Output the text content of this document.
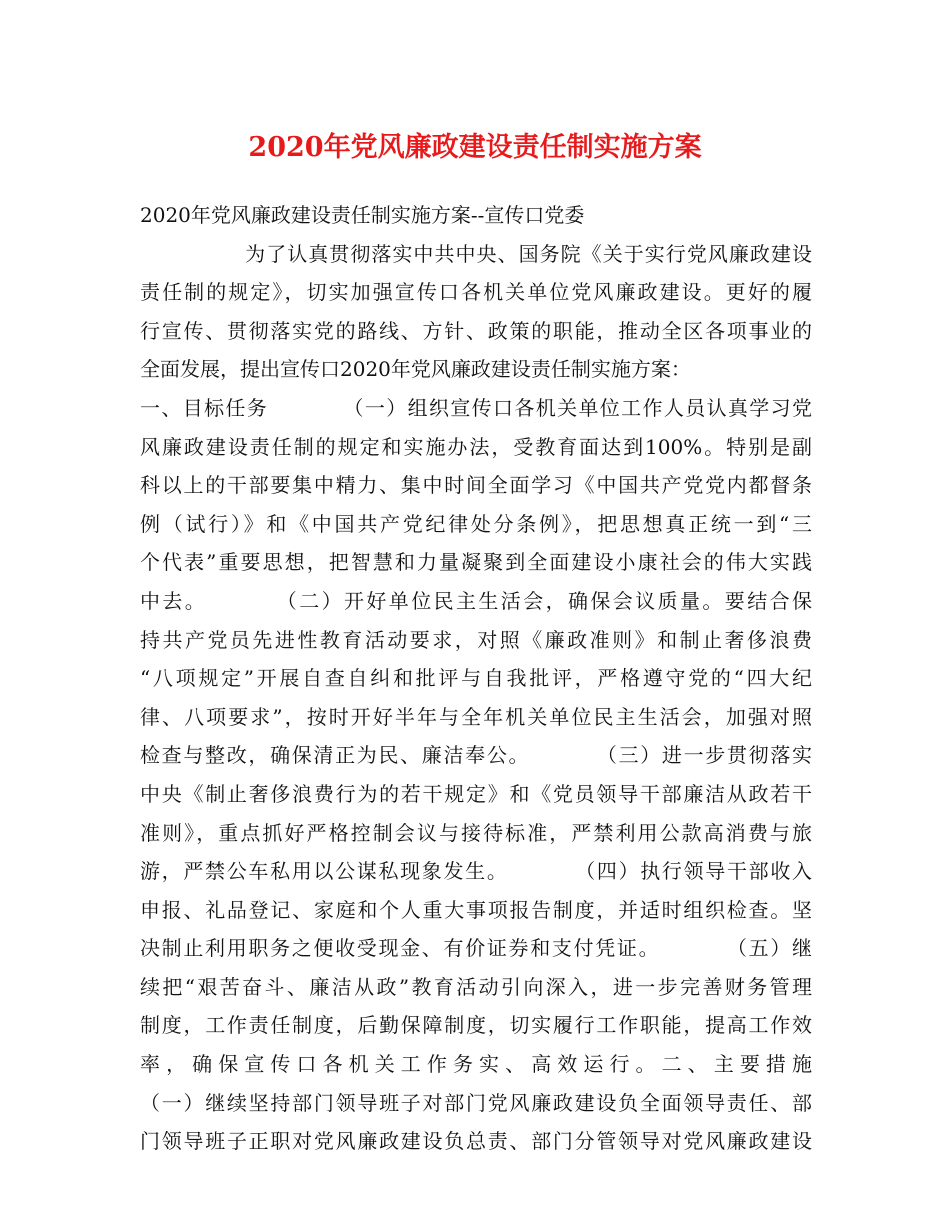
2020年党风廉政建设责任制实施方案
2020年党风廉政建设责任制实施方案--宣传口党委
　　　　　为了认真贯彻落实中共中央、国务院《关于实行党风廉政建设
责任制的规定》，切实加强宣传口各机关单位党风廉政建设。更好的履
行宣传、贯彻落实党的路线、方针、政策的职能，推动全区各项事业的
全面发展，提出宣传口2020年党风廉政建设责任制实施方案：
一、目标任务　　　　（一）组织宣传口各机关单位工作人员认真学习党
风廉政建设责任制的规定和实施办法，受教育面达到100%。特别是副
科以上的干部要集中精力、集中时间全面学习《中国共产党党内都督条
例（试行）》和《中国共产党纪律处分条例》，把思想真正统一到“三
个代表”重要思想，把智慧和力量凝聚到全面建设小康社会的伟大实践
中去。　　　　（二）开好单位民主生活会，确保会议质量。要结合保
持共产党员先进性教育活动要求，对照《廉政准则》和制止奢侈浪费
“八项规定”开展自查自纠和批评与自我批评，严格遵守党的“四大纪
律、八项要求”，按时开好半年与全年机关单位民主生活会，加强对照
检查与整改，确保清正为民、廉洁奉公。　　　　（三）进一步贯彻落实
中央《制止奢侈浪费行为的若干规定》和《党员领导干部廉洁从政若干
准则》，重点抓好严格控制会议与接待标准，严禁利用公款高消费与旅
游，严禁公车私用以公谋私现象发生。　　　　（四）执行领导干部收入
申报、礼品登记、家庭和个人重大事项报告制度，并适时组织检查。坚
决制止利用职务之便收受现金、有价证券和支付凭证。　　　　（五）继
续把“艰苦奋斗、廉洁从政”教育活动引向深入，进一步完善财务管理
制度，工作责任制度，后勤保障制度，切实履行工作职能，提高工作效
率，确保宣传口各机关工作务实、高效运行。二、主要措施
（一）继续坚持部门领导班子对部门党风廉政建设负全面领导责任、部
门领导班子正职对党风廉政建设负总责、部门分管领导对党风廉政建设
